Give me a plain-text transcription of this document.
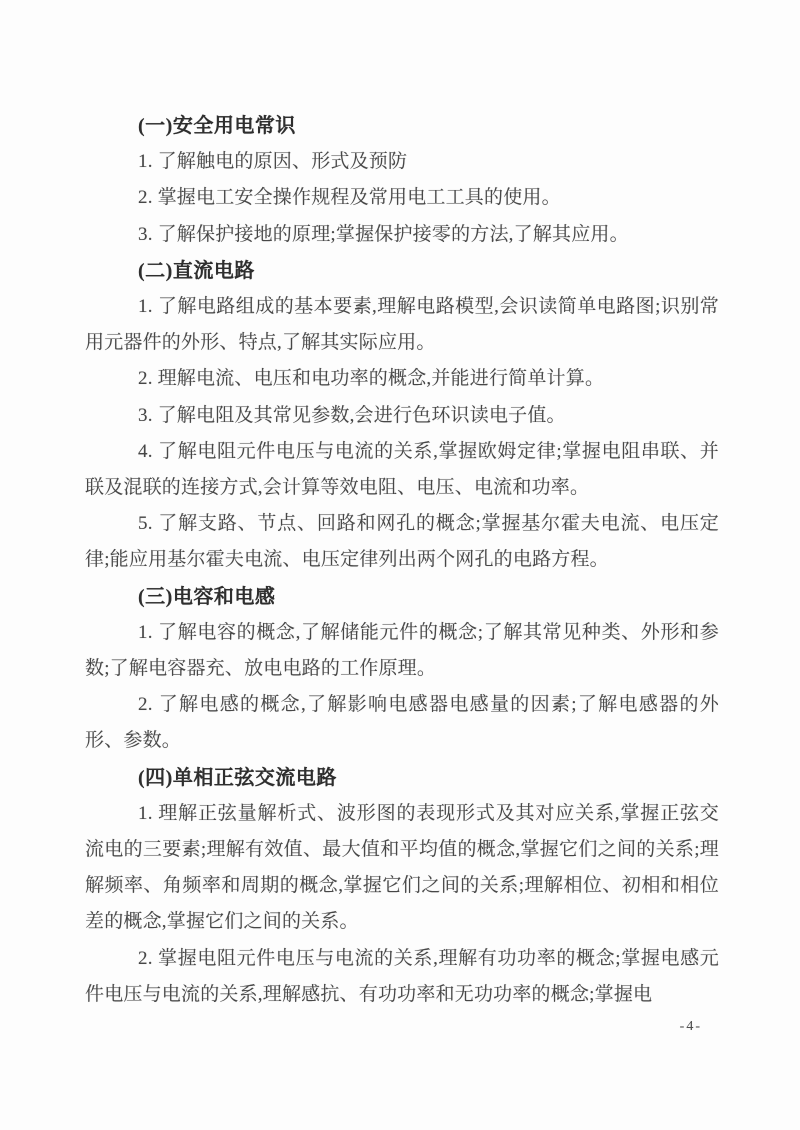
(一)安全用电常识

1. 了解触电的原因、形式及预防

2. 掌握电工安全操作规程及常用电工工具的使用。

3. 了解保护接地的原理;掌握保护接零的方法,了解其应用。

(二)直流电路

1. 了解电路组成的基本要素,理解电路模型,会识读简单电路图;识别常用元器件的外形、特点,了解其实际应用。

2. 理解电流、电压和电功率的概念,并能进行简单计算。

3. 了解电阻及其常见参数,会进行色环识读电子值。

4. 了解电阻元件电压与电流的关系,掌握欧姆定律;掌握电阻串联、并联及混联的连接方式,会计算等效电阻、电压、电流和功率。

5. 了解支路、节点、回路和网孔的概念;掌握基尔霍夫电流、电压定律;能应用基尔霍夫电流、电压定律列出两个网孔的电路方程。

(三)电容和电感

1. 了解电容的概念,了解储能元件的概念;了解其常见种类、外形和参数;了解电容器充、放电电路的工作原理。

2. 了解电感的概念,了解影响电感器电感量的因素;了解电感器的外形、参数。

(四)单相正弦交流电路

1. 理解正弦量解析式、波形图的表现形式及其对应关系,掌握正弦交流电的三要素;理解有效值、最大值和平均值的概念,掌握它们之间的关系;理解频率、角频率和周期的概念,掌握它们之间的关系;理解相位、初相和相位差的概念,掌握它们之间的关系。

2. 掌握电阻元件电压与电流的关系,理解有功功率的概念;掌握电感元件电压与电流的关系,理解感抗、有功功率和无功功率的概念;掌握电

-4-
